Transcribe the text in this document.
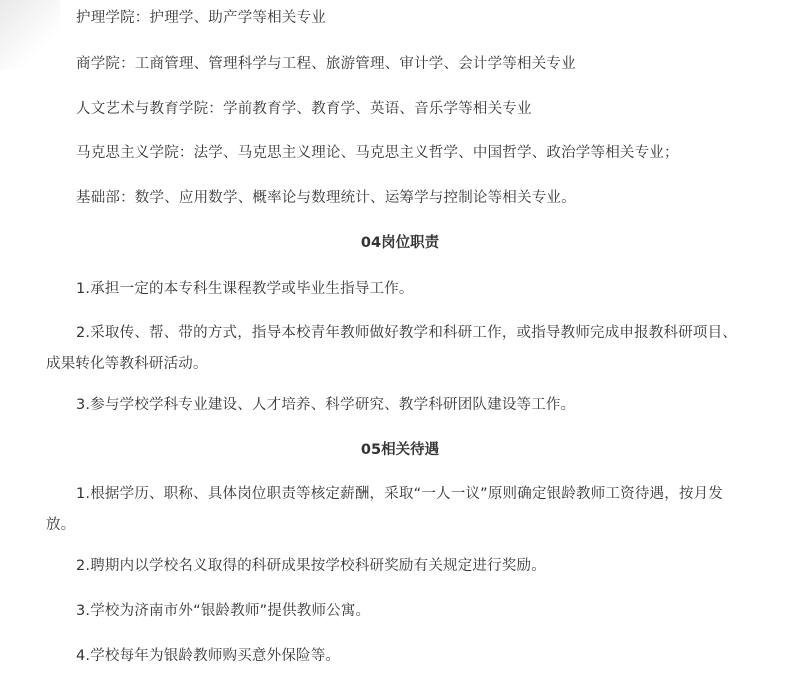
护理学院：护理学、助产学等相关专业

商学院：工商管理、管理科学与工程、旅游管理、审计学、会计学等相关专业

人文艺术与教育学院：学前教育学、教育学、英语、音乐学等相关专业

马克思主义学院：法学、马克思主义理论、马克思主义哲学、中国哲学、政治学等相关专业；

基础部：数学、应用数学、概率论与数理统计、运筹学与控制论等相关专业。

04岗位职责

1.承担一定的本专科生课程教学或毕业生指导工作。

2.采取传、帮、带的方式，指导本校青年教师做好教学和科研工作，或指导教师完成申报教科研项目、成果转化等教科研活动。

3.参与学校学科专业建设、人才培养、科学研究、教学科研团队建设等工作。

05相关待遇

1.根据学历、职称、具体岗位职责等核定薪酬，采取“一人一议”原则确定银龄教师工资待遇，按月发放。

2.聘期内以学校名义取得的科研成果按学校科研奖励有关规定进行奖励。

3.学校为济南市外“银龄教师”提供教师公寓。

4.学校每年为银龄教师购买意外保险等。
